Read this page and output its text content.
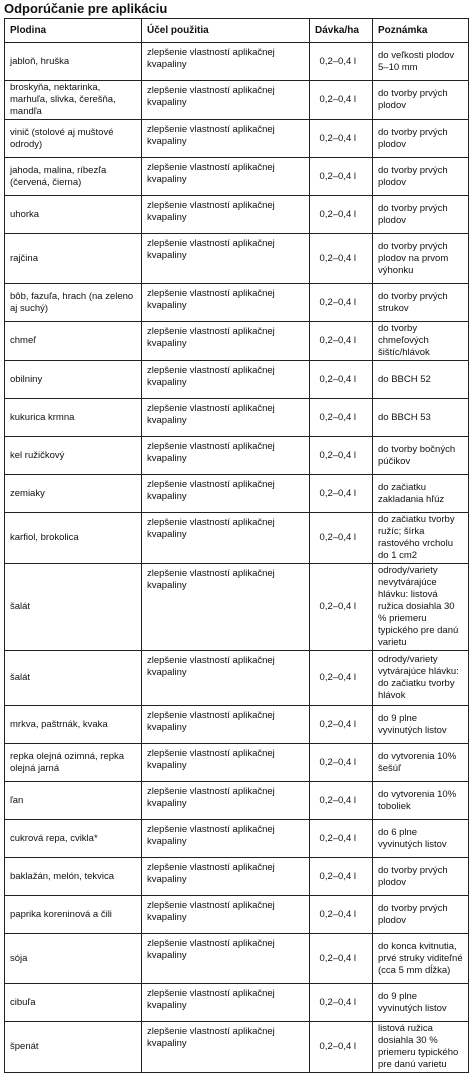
Odporúčanie pre aplikáciu
Plodina	Účel použitia	Dávka/ha	Poznámka
jabloň, hruška	zlepšenie vlastností aplikačnej kvapaliny	0,2–0,4 l	do veľkosti plodov 5–10 mm
broskyňa, nektarinka, marhuľa, slivka, čerešňa, mandľa	zlepšenie vlastností aplikačnej kvapaliny	0,2–0,4 l	do tvorby prvých plodov
vinič (stolové aj muštové odrody)	zlepšenie vlastností aplikačnej kvapaliny	0,2–0,4 l	do tvorby prvých plodov
jahoda, malina, ríbezľa (červená, čierna)	zlepšenie vlastností aplikačnej kvapaliny	0,2–0,4 l	do tvorby prvých plodov
uhorka	zlepšenie vlastností aplikačnej kvapaliny	0,2–0,4 l	do tvorby prvých plodov
rajčina	zlepšenie vlastností aplikačnej kvapaliny	0,2–0,4 l	do tvorby prvých plodov na prvom výhonku
bôb, fazuľa, hrach (na zeleno aj suchý)	zlepšenie vlastností aplikačnej kvapaliny	0,2–0,4 l	do tvorby prvých strukov
chmeľ	zlepšenie vlastností aplikačnej kvapaliny	0,2–0,4 l	do tvorby chmeľových šištíc/hlávok
obilniny	zlepšenie vlastností aplikačnej kvapaliny	0,2–0,4 l	do BBCH 52
kukurica krmna	zlepšenie vlastností aplikačnej kvapaliny	0,2–0,4 l	do BBCH 53
kel ružičkový	zlepšenie vlastností aplikačnej kvapaliny	0,2–0,4 l	do tvorby bočných púčikov
zemiaky	zlepšenie vlastností aplikačnej kvapaliny	0,2–0,4 l	do začiatku zakladania hľúz
karfiol, brokolica	zlepšenie vlastností aplikačnej kvapaliny	0,2–0,4 l	do začiatku tvorby ružíc; šírka rastového vrcholu do 1 cm2
šalát	zlepšenie vlastností aplikačnej kvapaliny	0,2–0,4 l	odrody/variety nevytvárajúce hlávku: listová ružica dosiahla 30 % priemeru typického pre danú varietu
šalát	zlepšenie vlastností aplikačnej kvapaliny	0,2–0,4 l	odrody/variety vytvárajúce hlávku: do začiatku tvorby hlávok
mrkva, paštrnák, kvaka	zlepšenie vlastností aplikačnej kvapaliny	0,2–0,4 l	do 9 plne vyvinutých listov
repka olejná ozimná, repka olejná jarná	zlepšenie vlastností aplikačnej kvapaliny	0,2–0,4 l	do vytvorenia 10% šešúľ
ľan	zlepšenie vlastností aplikačnej kvapaliny	0,2–0,4 l	do vytvorenia 10% toboliek
cukrová repa, cvikla*	zlepšenie vlastností aplikačnej kvapaliny	0,2–0,4 l	do 6 plne vyvinutých listov
baklažán, melón, tekvica	zlepšenie vlastností aplikačnej kvapaliny	0,2–0,4 l	do tvorby prvých plodov
paprika koreninová a čili	zlepšenie vlastností aplikačnej kvapaliny	0,2–0,4 l	do tvorby prvých plodov
sója	zlepšenie vlastností aplikačnej kvapaliny	0,2–0,4 l	do konca kvitnutia, prvé struky viditeľné (cca 5 mm dĺžka)
cibuľa	zlepšenie vlastností aplikačnej kvapaliny	0,2–0,4 l	do 9 plne vyvinutých listov
špenát	zlepšenie vlastností aplikačnej kvapaliny	0,2–0,4 l	listová ružica dosiahla 30 % priemeru typického pre danú varietu
